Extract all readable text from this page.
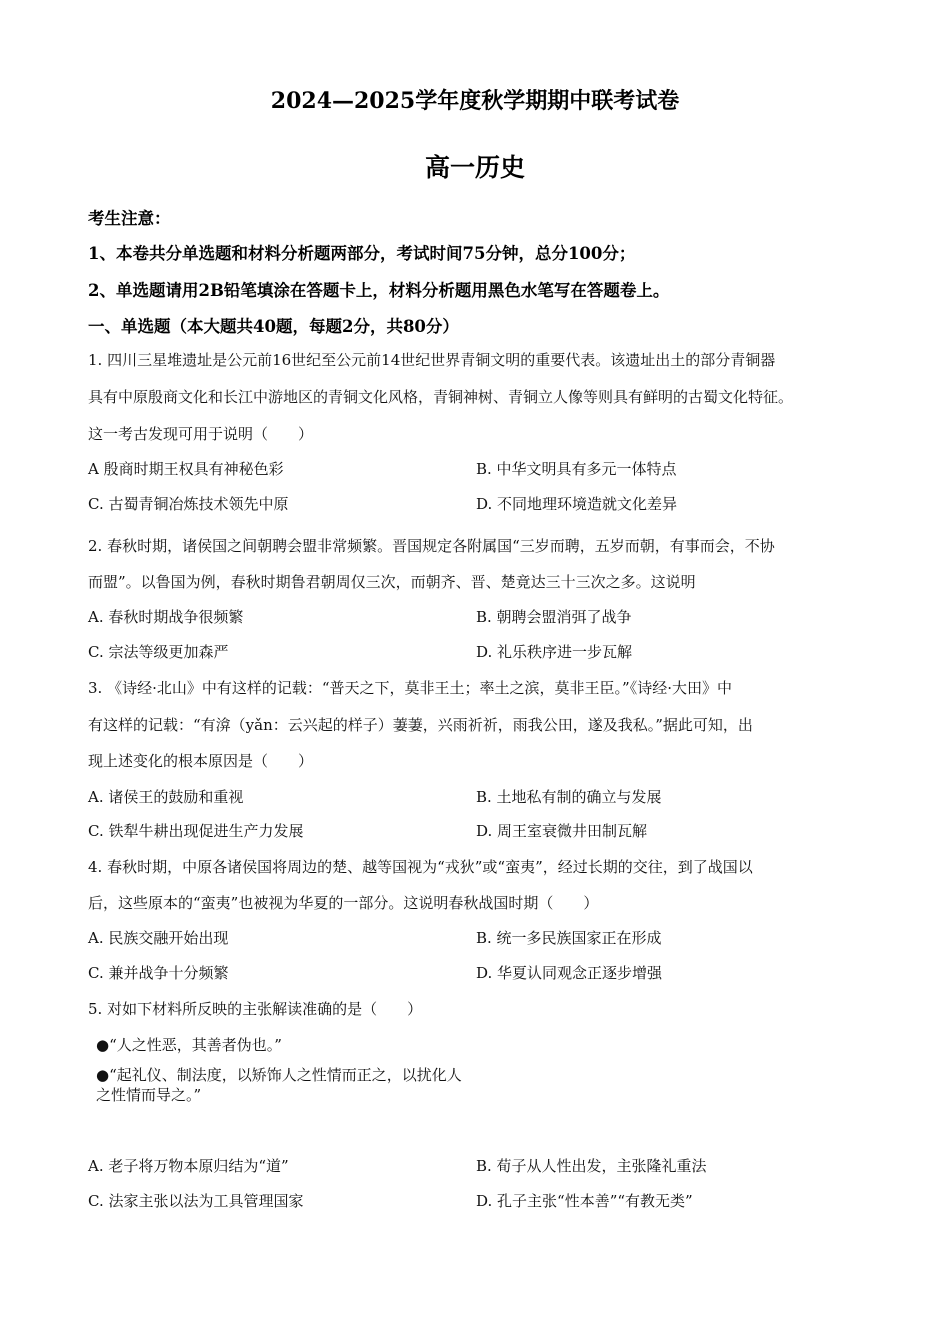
2024—2025学年度秋学期期中联考试卷
高一历史
考生注意：
1、本卷共分单选题和材料分析题两部分，考试时间75分钟，总分100分；
2、单选题请用2B铅笔填涂在答题卡上，材料分析题用黑色水笔写在答题卷上。
一、单选题（本大题共40题，每题2分，共80分）
1. 四川三星堆遗址是公元前16世纪至公元前14世纪世界青铜文明的重要代表。该遗址出土的部分青铜器
具有中原殷商文化和长江中游地区的青铜文化风格，青铜神树、青铜立人像等则具有鲜明的古蜀文化特征。
这一考古发现可用于说明（　　）
A 殷商时期王权具有神秘色彩	B. 中华文明具有多元一体特点
C. 古蜀青铜冶炼技术领先中原	D. 不同地理环境造就文化差异
2. 春秋时期，诸侯国之间朝聘会盟非常频繁。晋国规定各附属国“三岁而聘，五岁而朝，有事而会，不协
而盟”。以鲁国为例，春秋时期鲁君朝周仅三次，而朝齐、晋、楚竟达三十三次之多。这说明
A. 春秋时期战争很频繁	B. 朝聘会盟消弭了战争
C. 宗法等级更加森严	D. 礼乐秩序进一步瓦解
3. 《诗经·北山》中有这样的记载：“普天之下，莫非王土；率土之滨，莫非王臣。”《诗经·大田》中
有这样的记载：“有渰（yǎn：云兴起的样子）萋萋，兴雨祈祈，雨我公田，遂及我私。”据此可知，出
现上述变化的根本原因是（　　）
A. 诸侯王的鼓励和重视	B. 土地私有制的确立与发展
C. 铁犁牛耕出现促进生产力发展	D. 周王室衰微井田制瓦解
4. 春秋时期，中原各诸侯国将周边的楚、越等国视为“戎狄”或“蛮夷”，经过长期的交往，到了战国以
后，这些原本的“蛮夷”也被视为华夏的一部分。这说明春秋战国时期（　　）
A. 民族交融开始出现	B. 统一多民族国家正在形成
C. 兼并战争十分频繁	D. 华夏认同观念正逐步增强
5. 对如下材料所反映的主张解读准确的是（　　）
●“人之性恶，其善者伪也。”
●“起礼仪、制法度，以矫饰人之性情而正之，以扰化人
之性情而导之。”
A. 老子将万物本原归结为“道”	B. 荀子从人性出发，主张隆礼重法
C. 法家主张以法为工具管理国家	D. 孔子主张“性本善”“有教无类”
